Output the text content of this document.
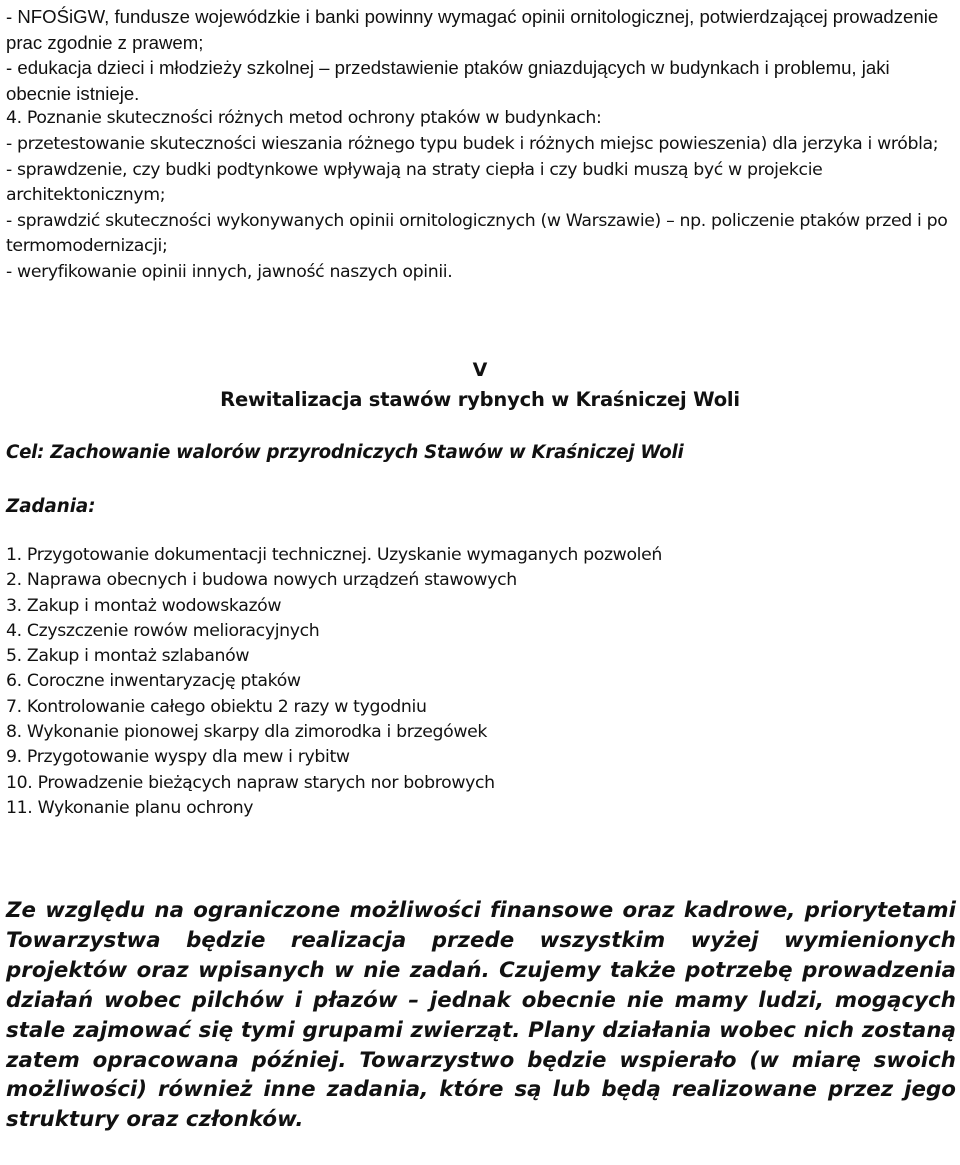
- NFOŚiGW, fundusze wojewódzkie i banki powinny wymagać opinii ornitologicznej, potwierdzającej prowadzenie prac zgodnie z prawem;

- edukacja dzieci i młodzieży szkolnej – przedstawienie ptaków gniazdujących w budynkach i problemu, jaki obecnie istnieje.

4. Poznanie skuteczności różnych metod ochrony ptaków w budynkach:

- przetestowanie skuteczności wieszania różnego typu budek i różnych miejsc powieszenia) dla jerzyka i wróbla;

- sprawdzenie, czy budki podtynkowe wpływają na straty ciepła i czy budki muszą być w projekcie architektonicznym;

- sprawdzić skuteczności wykonywanych opinii ornitologicznych (w Warszawie) – np. policzenie ptaków przed i po termomodernizacji;

- weryfikowanie opinii innych, jawność naszych opinii.

V
Rewitalizacja stawów rybnych w Kraśniczej Woli
Cel: Zachowanie walorów przyrodniczych Stawów w Kraśniczej Woli
Zadania:
1. Przygotowanie dokumentacji technicznej. Uzyskanie wymaganych pozwoleń
2. Naprawa obecnych i budowa nowych urządzeń stawowych
3. Zakup i montaż wodowskazów
4. Czyszczenie rowów melioracyjnych
5. Zakup i montaż szlabanów
6. Coroczne inwentaryzację ptaków
7. Kontrolowanie całego obiektu 2 razy w tygodniu
8. Wykonanie pionowej skarpy dla zimorodka i brzegówek
9. Przygotowanie wyspy dla mew i rybitw
10. Prowadzenie bieżących napraw starych nor bobrowych
11. Wykonanie planu ochrony

Ze względu na ograniczone możliwości finansowe oraz kadrowe, priorytetami Towarzystwa będzie realizacja przede wszystkim wyżej wymienionych projektów oraz wpisanych w nie zadań. Czujemy także potrzebę prowadzenia działań wobec pilchów i płazów – jednak obecnie nie mamy ludzi, mogących stale zajmować się tymi grupami zwierząt. Plany działania wobec nich zostaną zatem opracowana później. Towarzystwo będzie wspierało (w miarę swoich możliwości) również inne zadania, które są lub będą realizowane przez jego struktury oraz członków.
